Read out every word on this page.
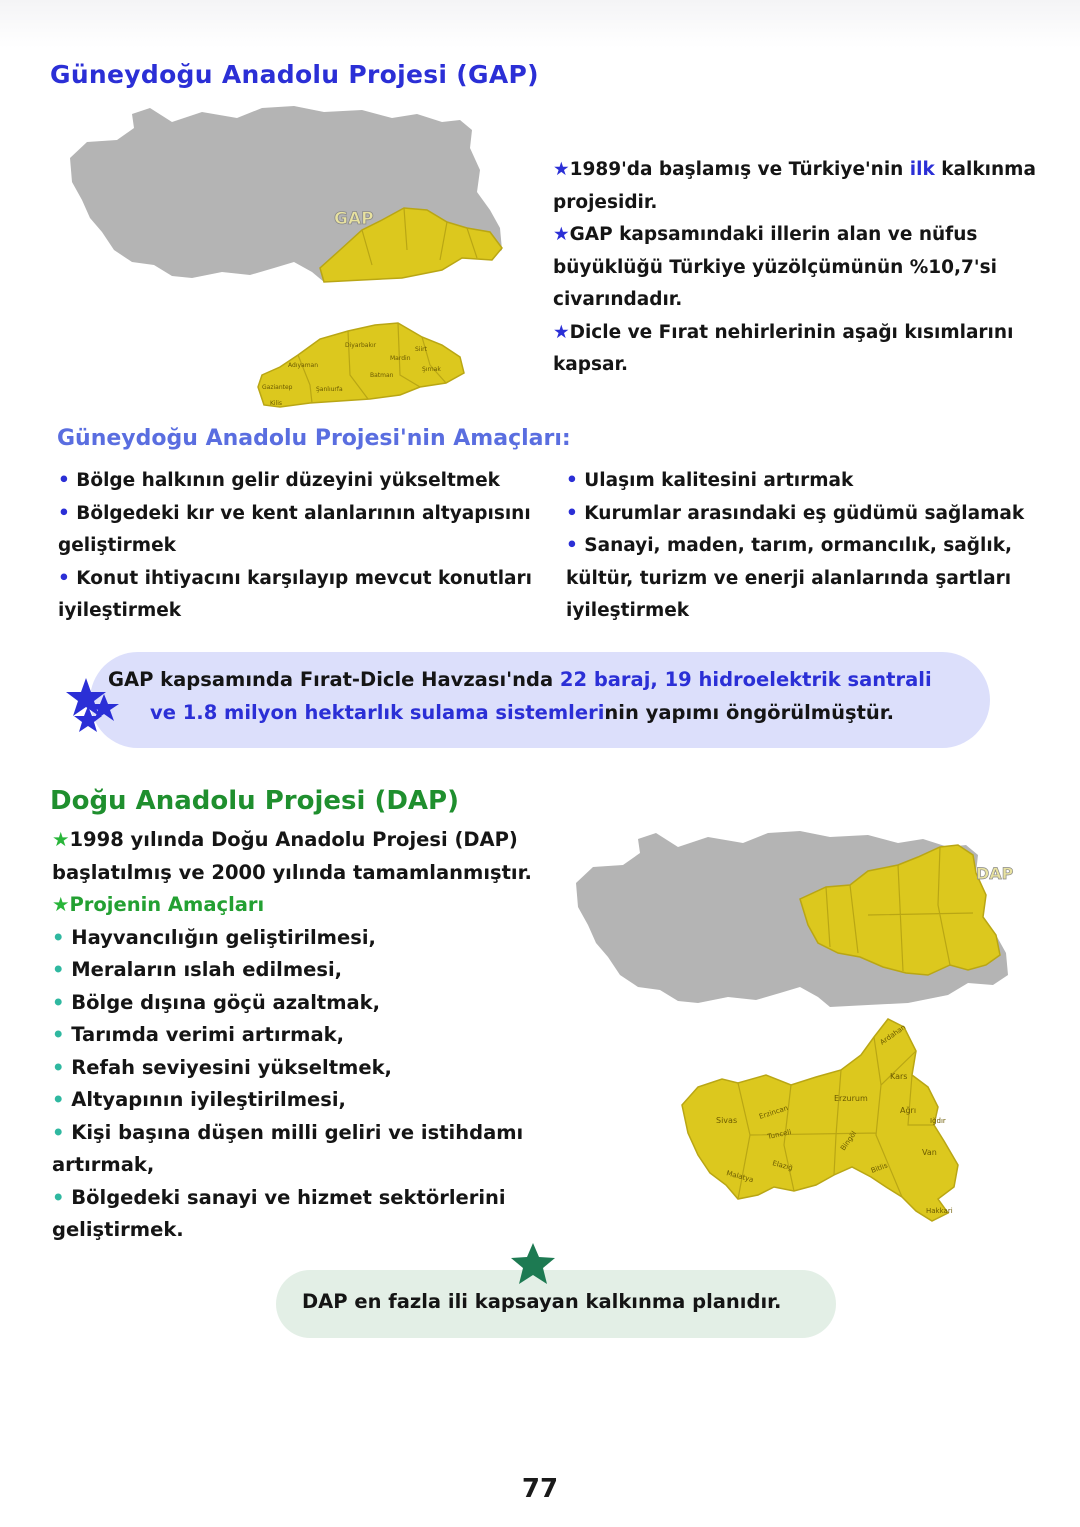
Güneydoğu Anadolu Projesi (GAP)
GAP
Diyarbakır
Siirt
Mardin
Şırnak
Batman
Adıyaman
Şanlıurfa
Gaziantep
Kilis

★1989'da başlamış ve Türkiye'nin ilk kalkınma projesidir.

★GAP kapsamındaki illerin alan ve nüfus büyüklüğü Türkiye yüzölçümünün %10,7'si civarındadır.

★Dicle ve Fırat nehirlerinin aşağı kısımlarını kapsar.

Güneydoğu Anadolu Projesi'nin Amaçları:

• Bölge halkının gelir düzeyini yükseltmek

• Bölgedeki kır ve kent alanlarının altyapısını geliştirmek

• Konut ihtiyacını karşılayıp mevcut konutları iyileştirmek

• Ulaşım kalitesini artırmak

• Kurumlar arasındaki eş güdümü sağlamak

• Sanayi, maden, tarım, ormancılık, sağlık, kültür, turizm ve enerji alanlarında şartları iyileştirmek

GAP kapsamında Fırat-Dicle Havzası'nda 22 baraj, 19 hidroelektrik santrali
ve 1.8 milyon hektarlık sulama sistemlerinin yapımı öngörülmüştür.
Doğu Anadolu Projesi (DAP)

★1998 yılında Doğu Anadolu Projesi (DAP) başlatılmış ve 2000 yılında tamamlanmıştır.

★Projenin Amaçları

• Hayvancılığın geliştirilmesi,

• Meraların ıslah edilmesi,

• Bölge dışına göçü azaltmak,

• Tarımda verimi artırmak,

• Refah seviyesini yükseltmek,

• Altyapının iyileştirilmesi,

• Kişi başına düşen milli geliri ve istihdamı artırmak,

• Bölgedeki sanayi ve hizmet sektörlerini geliştirmek.

DAP
Ardahan
Kars
Iğdır
Ağrı
Erzurum
Erzincan
Sivas
Tunceli	Bingöl
Elazığ
Malatya
Bitlis
Van
Hakkari
DAP en fazla ili kapsayan kalkınma planıdır.
77
